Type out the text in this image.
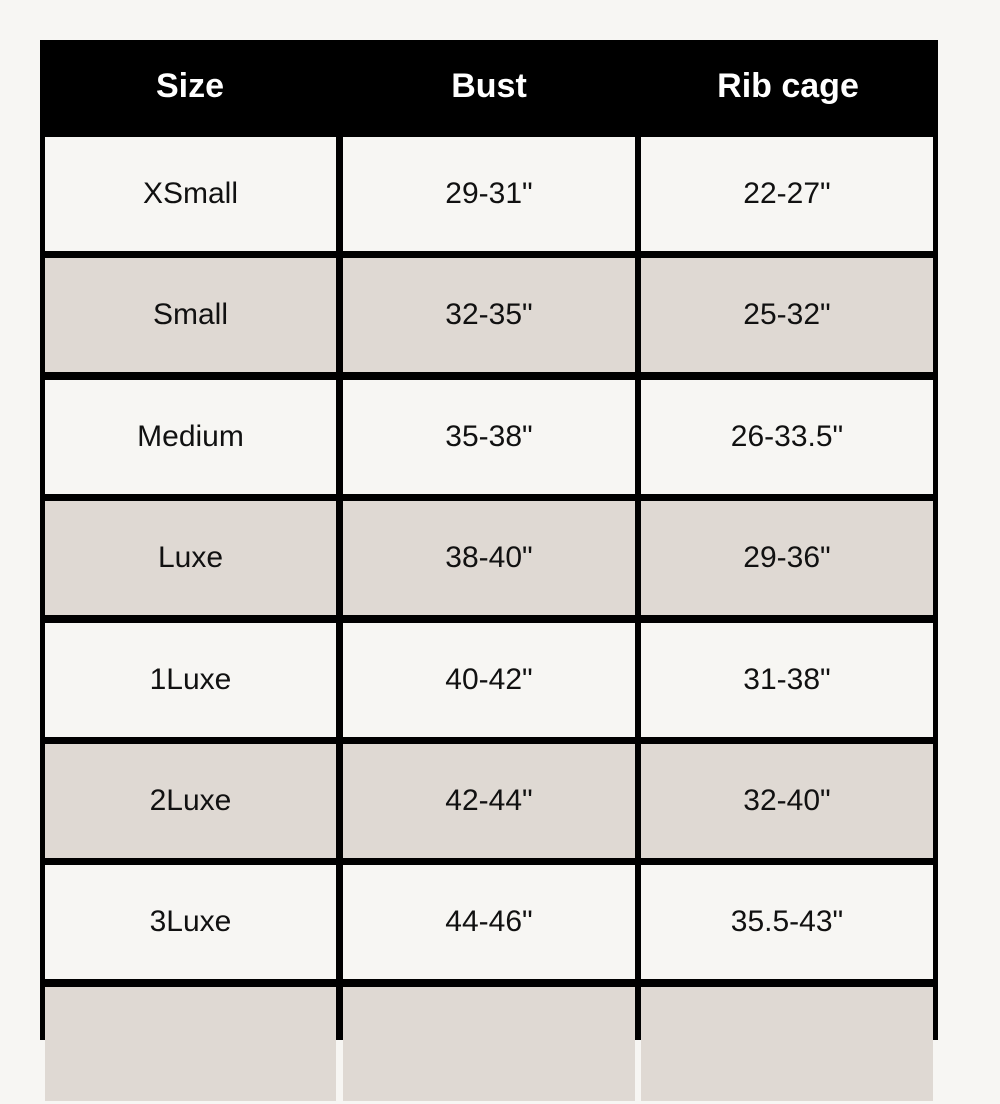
Size	Bust	Rib cage
XSmall	29-31"	22-27"
Small	32-35"	25-32"
Medium	35-38"	26-33.5"
Luxe	38-40"	29-36"
1Luxe	40-42"	31-38"
2Luxe	42-44"	32-40"
3Luxe	44-46"	35.5-43"
